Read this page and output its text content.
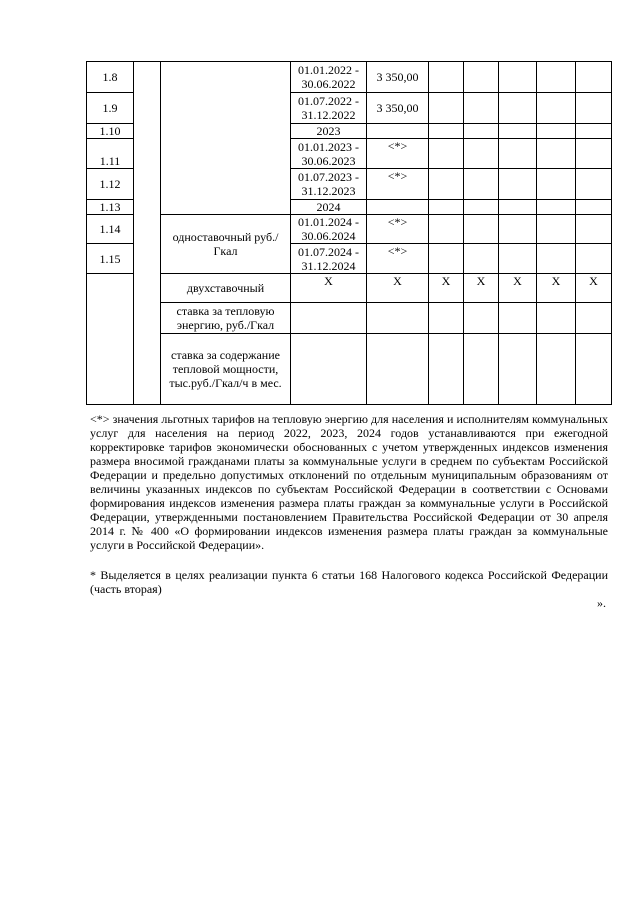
1.8			01.01.2022 - 30.06.2022	3 350,00					
1.9			01.07.2022 - 31.12.2022	3 350,00					
1.10			2023						
1.11			01.01.2023 - 30.06.2023	<*>					
1.12			01.07.2023 - 31.12.2023	<*>					
1.13			2024						
1.14		одноставочный руб./Гкал	01.01.2024 - 30.06.2024	<*>					
1.15			01.07.2024 - 31.12.2024	<*>					
		двухставочный	Х	Х	Х	Х	Х	Х	Х
		ставка за тепловую энергию, руб./Гкал							
		ставка за содержание тепловой мощности, тыс.руб./Гкал/ч в мес.							

<*> значения льготных тарифов на тепловую энергию для населения и исполнителям коммунальных услуг для населения на период 2022, 2023, 2024 годов устанавливаются при ежегодной корректировке тарифов экономически обоснованных с учетом утвержденных индексов изменения размера вносимой гражданами платы за коммунальные услуги в среднем по субъектам Российской Федерации и предельно допустимых отклонений по отдельным муниципальным образованиям от величины указанных индексов по субъектам Российской Федерации в соответствии с Основами формирования индексов изменения размера платы граждан за коммунальные услуги в Российской Федерации, утвержденными постановлением Правительства Российской Федерации от 30 апреля 2014 г. № 400 «О формировании индексов изменения размера платы граждан за коммунальные услуги в Российской Федерации».

* Выделяется в целях реализации пункта 6 статьи 168 Налогового кодекса Российской Федерации (часть вторая)

».
